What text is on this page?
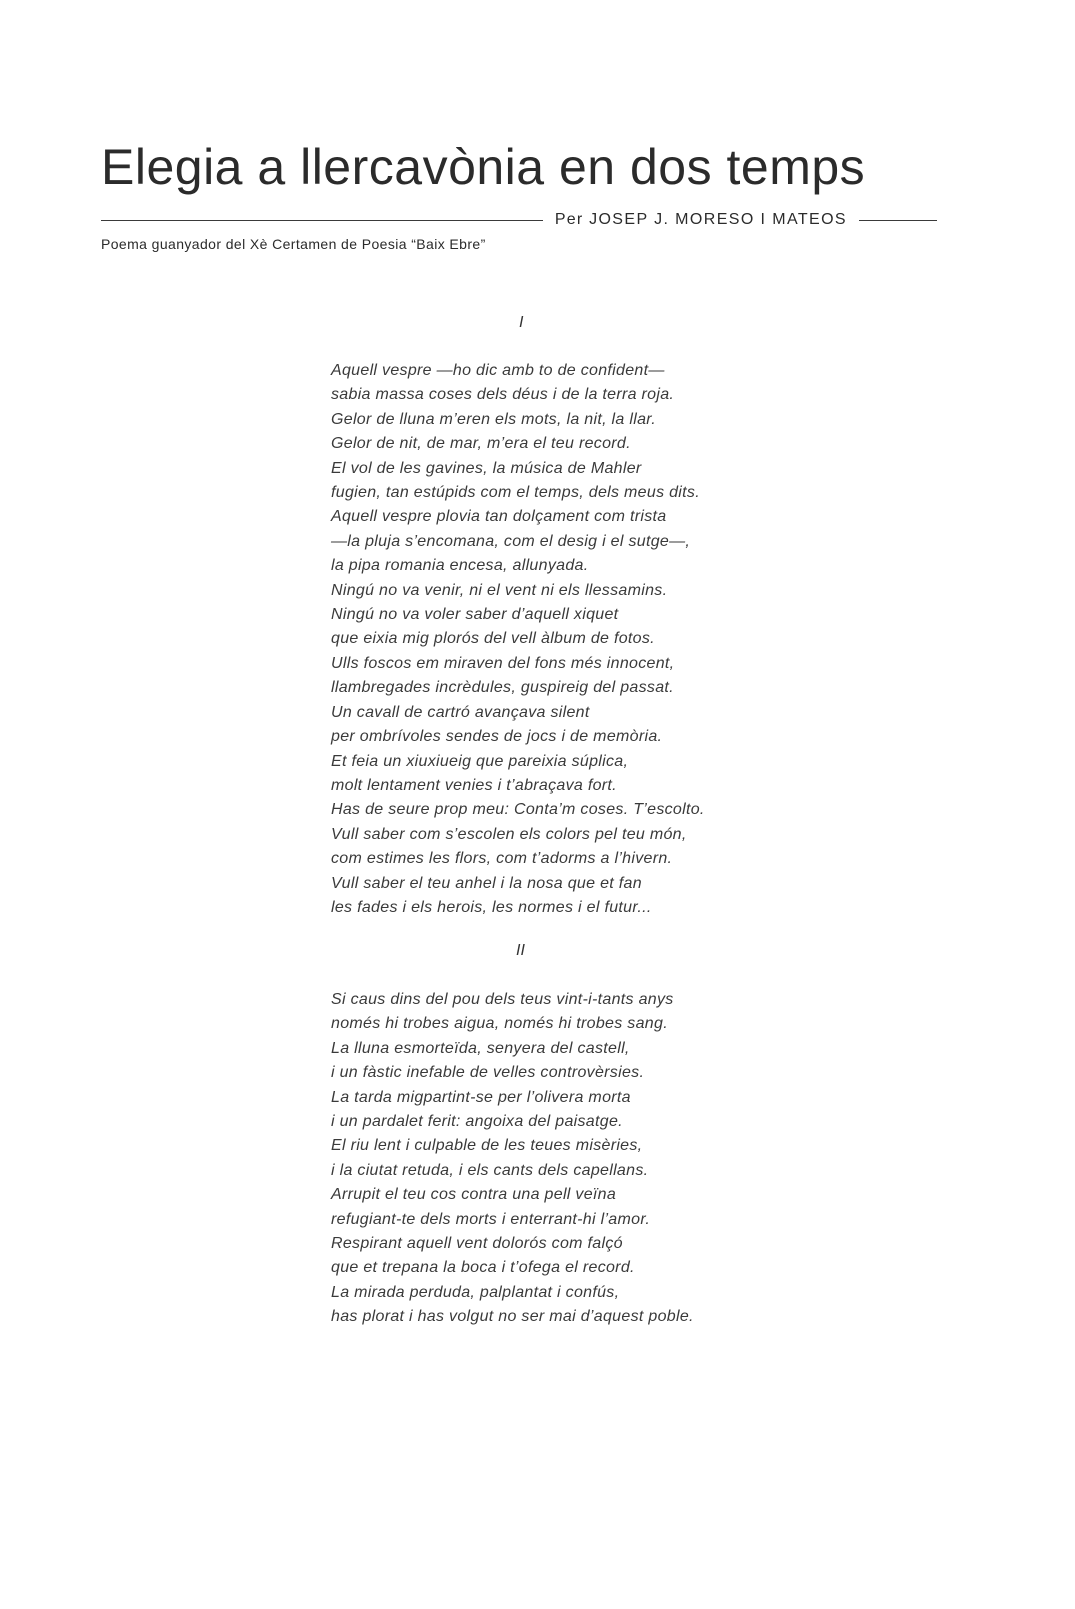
Elegia a llercavònia en dos temps
Per JOSEP J. MORESO I MATEOS

Poema guanyador del Xè Certamen de Poesia “Baix Ebre”

I
Aquell vespre —ho dic amb to de confident—
sabia massa coses dels déus i de la terra roja.
Gelor de lluna m’eren els mots, la nit, la llar.
Gelor de nit, de mar, m’era el teu record.
El vol de les gavines, la música de Mahler
fugien, tan estúpids com el temps, dels meus dits.
Aquell vespre plovia tan dolçament com trista
—la pluja s’encomana, com el desig i el sutge—,
la pipa romania encesa, allunyada.
Ningú no va venir, ni el vent ni els llessamins.
Ningú no va voler saber d’aquell xiquet
que eixia mig plorós del vell àlbum de fotos.
Ulls foscos em miraven del fons més innocent,
llambregades incrèdules, guspireig del passat.
Un cavall de cartró avançava silent
per ombrívoles sendes de jocs i de memòria.
Et feia un xiuxiueig que pareixia súplica,
molt lentament venies i t’abraçava fort.
Has de seure prop meu: Conta’m coses. T’escolto.
Vull saber com s’escolen els colors pel teu món,
com estimes les flors, com t’adorms a l’hivern.
Vull saber el teu anhel i la nosa que et fan
les fades i els herois, les normes i el futur...
II
Si caus dins del pou dels teus vint-i-tants anys
només hi trobes aigua, només hi trobes sang.
La lluna esmorteïda, senyera del castell,
i un fàstic inefable de velles controvèrsies.
La tarda migpartint-se per l’olivera morta
i un pardalet ferit: angoixa del paisatge.
El riu lent i culpable de les teues misèries,
i la ciutat retuda, i els cants dels capellans.
Arrupit el teu cos contra una pell veïna
refugiant-te dels morts i enterrant-hi l’amor.
Respirant aquell vent dolorós com falçó
que et trepana la boca i t’ofega el record.
La mirada perduda, palplantat i confús,
has plorat i has volgut no ser mai d’aquest poble.
